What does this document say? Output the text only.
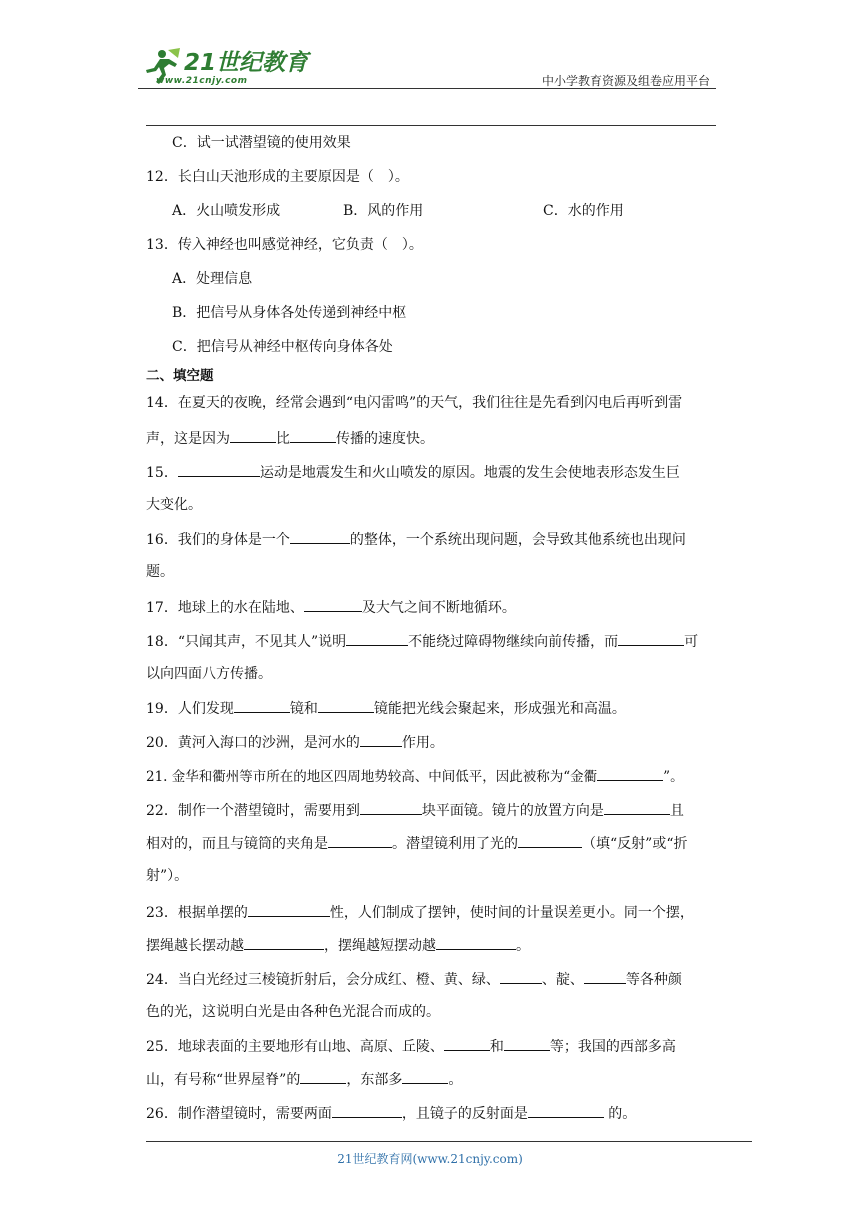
21世纪教育
www.21cnjy.com	中小学教育资源及组卷应用平台
C．试一试潜望镜的使用效果
12．长白山天池形成的主要原因是（　）。
A．火山喷发形成	B．风的作用	C．水的作用
13．传入神经也叫感觉神经，它负责（　）。
A．处理信息
B．把信号从身体各处传递到神经中枢
C．把信号从神经中枢传向身体各处
二、填空题
14．在夏天的夜晚，经常会遇到“电闪雷鸣”的天气，我们往往是先看到闪电后再听到雷
声，这是因为	比	传播的速度快。
15．	运动是地震发生和火山喷发的原因。地震的发生会使地表形态发生巨
大变化。
16．我们的身体是一个	的整体，一个系统出现问题，会导致其他系统也出现问
题。
17．地球上的水在陆地、	及大气之间不断地循环。
18．“只闻其声，不见其人”说明	不能绕过障碍物继续向前传播，而	可
以向四面八方传播。
19．人们发现	镜和	镜能把光线会聚起来，形成强光和高温。
20．黄河入海口的沙洲，是河水的	作用。
21. 金华和衢州等市所在的地区四周地势较高、中间低平，因此被称为“金衢	”。
22．制作一个潜望镜时，需要用到	块平面镜。镜片的放置方向是	且
相对的，而且与镜筒的夹角是	。潜望镜利用了光的	（填“反射”或“折
射”）。
23．根据单摆的	性，人们制成了摆钟，使时间的计量误差更小。同一个摆，
摆绳越长摆动越	，摆绳越短摆动越	。
24．当白光经过三棱镜折射后，会分成红、橙、黄、绿、	、靛、	等各种颜
色的光，这说明白光是由各种色光混合而成的。
25．地球表面的主要地形有山地、高原、丘陵、	和	等；我国的西部多高
山，有号称“世界屋脊”的	，东部多	。
26．制作潜望镜时，需要两面	，且镜子的反射面是	的。
21世纪教育网(www.21cnjy.com)
